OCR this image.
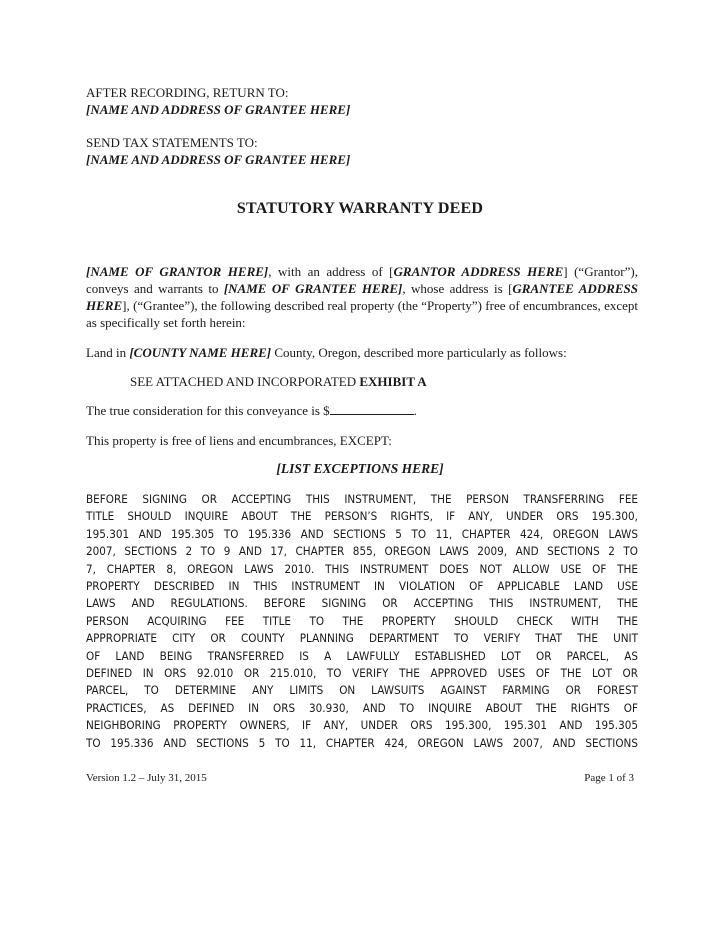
AFTER RECORDING, RETURN TO:
[NAME AND ADDRESS OF GRANTEE HERE]
SEND TAX STATEMENTS TO:
[NAME AND ADDRESS OF GRANTEE HERE]
STATUTORY WARRANTY DEED
[NAME OF GRANTOR HERE], with an address of [GRANTOR ADDRESS HERE] (“Grantor”), conveys and warrants to [NAME OF GRANTEE HERE], whose address is [GRANTEE ADDRESS HERE], (“Grantee”), the following described real property (the “Property”) free of encumbrances, except as specifically set forth herein:
Land in [COUNTY NAME HERE] County, Oregon, described more particularly as follows:
SEE ATTACHED AND INCORPORATED EXHIBIT A
The true consideration for this conveyance is $	.
This property is free of liens and encumbrances, EXCEPT:
[LIST EXCEPTIONS HERE]
BEFORE SIGNING OR ACCEPTING THIS INSTRUMENT, THE PERSON TRANSFERRING FEE
TITLE SHOULD INQUIRE ABOUT THE PERSON’S RIGHTS, IF ANY, UNDER ORS 195.300,
195.301 AND 195.305 TO 195.336 AND SECTIONS 5 TO 11, CHAPTER 424, OREGON LAWS
2007, SECTIONS 2 TO 9 AND 17, CHAPTER 855, OREGON LAWS 2009, AND SECTIONS 2 TO
7, CHAPTER 8, OREGON LAWS 2010. THIS INSTRUMENT DOES NOT ALLOW USE OF THE
PROPERTY DESCRIBED IN THIS INSTRUMENT IN VIOLATION OF APPLICABLE LAND USE
LAWS AND REGULATIONS. BEFORE SIGNING OR ACCEPTING THIS INSTRUMENT, THE
PERSON ACQUIRING FEE TITLE TO THE PROPERTY SHOULD CHECK WITH THE
APPROPRIATE CITY OR COUNTY PLANNING DEPARTMENT TO VERIFY THAT THE UNIT
OF LAND BEING TRANSFERRED IS A LAWFULLY ESTABLISHED LOT OR PARCEL, AS
DEFINED IN ORS 92.010 OR 215.010, TO VERIFY THE APPROVED USES OF THE LOT OR
PARCEL, TO DETERMINE ANY LIMITS ON LAWSUITS AGAINST FARMING OR FOREST
PRACTICES, AS DEFINED IN ORS 30.930, AND TO INQUIRE ABOUT THE RIGHTS OF
NEIGHBORING PROPERTY OWNERS, IF ANY, UNDER ORS 195.300, 195.301 AND 195.305
TO 195.336 AND SECTIONS 5 TO 11, CHAPTER 424, OREGON LAWS 2007, AND SECTIONS
Version 1.2 – July 31, 2015	Page 1 of 3
